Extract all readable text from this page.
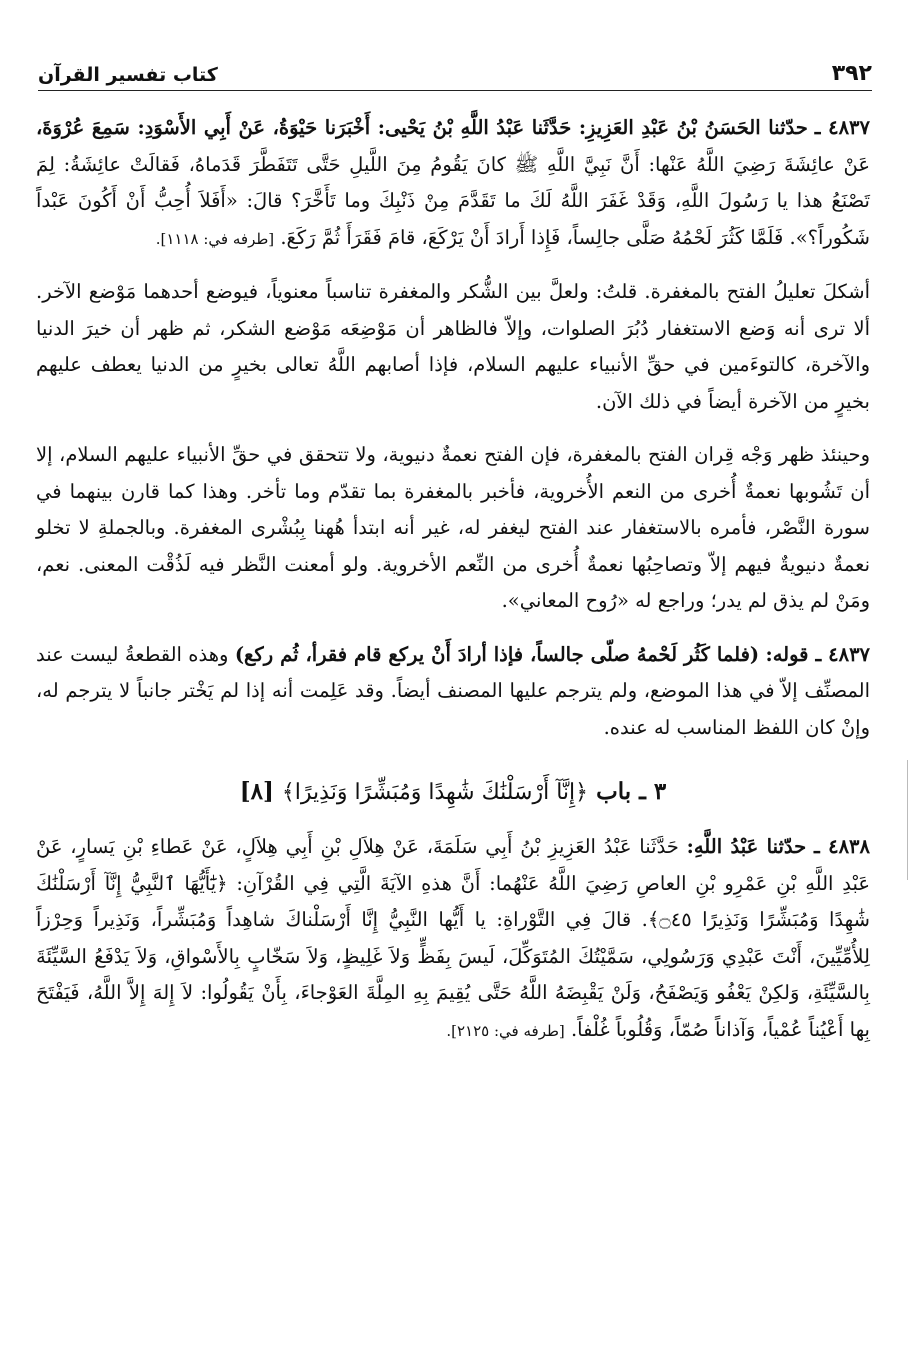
٣٩٢
كتاب تفسير القرآن

٤٨٣٧ ـ حدّثنا الحَسَنُ بْنُ عَبْدِ العَزِيزِ: حَدَّثَنا عَبْدُ اللَّهِ بْنُ يَحْيى: أَخْبَرَنا حَيْوَةُ، عَنْ أَبِي الأَسْوَدِ: سَمِعَ عُرْوَةَ، عَنْ عائِشَةَ رَضِيَ اللَّهُ عَنْها: أَنَّ نَبِيَّ اللَّهِ ﷺ كانَ يَقُومُ مِنَ اللَّيلِ حَتَّى تَتَفَطَّرَ قَدَماهُ، فَقالَتْ عائِشَةُ: لِمَ تَصْنَعُ هذا يا رَسُولَ اللَّهِ، وَقَدْ غَفَرَ اللَّهُ لَكَ ما تَقَدَّمَ مِنْ ذَنْبِكَ وما تَأَخَّرَ؟ قالَ: «أَفَلاَ أُحِبُّ أَنْ أَكُونَ عَبْداً شَكُوراً؟». فَلَمَّا كَثُرَ لَحْمُهُ صَلَّى جالِساً، فَإِذا أَرادَ أَنْ يَرْكَعَ، قامَ فَقَرَأَ ثُمَّ رَكَعَ. [طرفه في: ١١١٨].

أشكلَ تعليلُ الفتح بالمغفرة. قلتُ: ولعلَّ بين الشُّكر والمغفرة تناسباً معنوياً، فيوضع أحدهما مَوْضع الآخر. ألا ترى أنه وَضع الاستغفار دُبُرَ الصلوات، وإلاّ فالظاهر أن مَوْضِعَه مَوْضع الشكر، ثم ظهر أن خيرَ الدنيا والآخرة، كالتوءَمين في حقِّ الأنبياء عليهم السلام، فإذا أصابهم اللَّهُ تعالى بخيرٍ من الدنيا يعطف عليهم بخيرٍ من الآخرة أيضاً في ذلك الآن.

وحينئذ ظهر وَجْه قِران الفتح بالمغفرة، فإن الفتح نعمةٌ دنيوية، ولا تتحقق في حقِّ الأنبياء عليهم السلام، إلا أن تَشُوبها نعمةٌ أُخرى من النعم الأُخروية، فأخبر بالمغفرة بما تقدّم وما تأخر. وهذا كما قارن بينهما في سورة النَّصْر، فأمره بالاستغفار عند الفتح ليغفر له، غير أنه ابتدأ هُهنا بِبُشْرى المغفرة. وبالجملةِ لا تخلو نعمةٌ دنيويةٌ فيهم إلاّ وتصاحِبُها نعمةٌ أُخرى من النِّعم الأخروية. ولو أمعنت النَّظر فيه لَذُقْت المعنى. نعم، ومَنْ لم يذق لم يدر؛ وراجع له «رُوح المعاني».

٤٨٣٧ ـ قوله: (فلما كَثُر لَحْمهُ صلّى جالساً، فإذا أرادَ أَنْ يركع قام فقرأ، ثُم ركع) وهذه القطعةُ ليست عند المصنِّف إلاّ في هذا الموضع، ولم يترجم عليها المصنف أيضاً. وقد عَلِمت أنه إذا لم يَخْتر جانباً لا يترجم له، وإنْ كان اللفظ المناسب له عنده.

٣ ـ باب ﴿إِنَّآ أَرْسَلْنَٰكَ شَٰهِدًا وَمُبَشِّرًا وَنَذِيرًا﴾ [٨]

٤٨٣٨ ـ حدّثنا عَبْدُ اللَّهِ: حَدَّثَنا عَبْدُ العَزِيزِ بْنُ أَبِي سَلَمَةَ، عَنْ هِلاَلِ بْنِ أَبِي هِلاَلٍ، عَنْ عَطاءِ بْنِ يَسارٍ، عَنْ عَبْدِ اللَّهِ بْنِ عَمْرِو بْنِ العاصِ رَضِيَ اللَّهُ عَنْهُما: أَنَّ هذهِ الآيَةَ الَّتِي فِي القُرْآنِ: ﴿يَٰٓأَيُّهَا ٱلنَّبِيُّ إِنَّآ أَرْسَلْنَٰكَ شَٰهِدًا وَمُبَشِّرًا وَنَذِيرًا ۝٤٥﴾. قالَ فِي التَّوْراةِ: يا أَيُّها النَّبِيُّ إِنَّا أَرْسَلْناكَ شاهِداً وَمُبَشِّراً، وَنَذِيراً وَحِرْزاً لِلأُمِّيِّينَ، أَنْتَ عَبْدِي وَرَسُولِي، سَمَّيْتُكَ المُتَوَكِّلَ، لَيسَ بِفَظٍّ وَلاَ غَلِيظٍ، وَلاَ سَخّابٍ بِالأَسْواقِ، وَلاَ يَدْفَعُ السَّيِّئَةَ بِالسَّيِّئَةِ، وَلكِنْ يَعْفُو وَيَصْفَحُ، وَلَنْ يَقْبِضَهُ اللَّهُ حَتَّى يُقِيمَ بِهِ المِلَّةَ العَوْجاءَ، بِأَنْ يَقُولُوا: لاَ إِلهَ إِلاَّ اللَّهُ، فَيَفْتَحَ بِها أَعْيُناً عُمْياً، وَآذاناً صُمّاً، وَقُلُوباً غُلْفاً. [طرفه في: ٢١٢٥].
